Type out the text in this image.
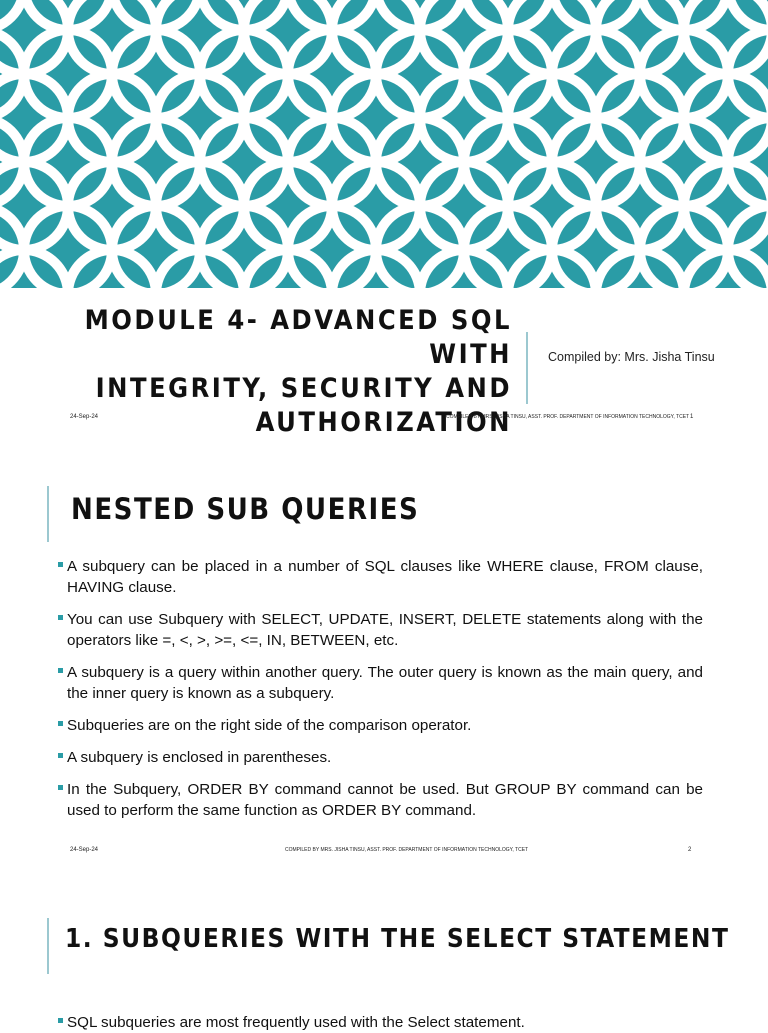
MODULE 4- ADVANCED SQL WITH
INTEGRITY, SECURITY AND
AUTHORIZATION
Compiled by: Mrs. Jisha Tinsu
24-Sep-24	COMPILED BY MRS. JISHA TINSU, ASST. PROF. DEPARTMENT OF INFORMATION TECHNOLOGY, TCET 1
NESTED SUB QUERIES
A subquery can be placed in a number of SQL clauses like WHERE clause, FROM clause, HAVING clause.
You can use Subquery with SELECT, UPDATE, INSERT, DELETE statements along with the operators like =, <, >, >=, <=, IN, BETWEEN, etc.
A subquery is a query within another query. The outer query is known as the main query, and the inner query is known as a subquery.
Subqueries are on the right side of the comparison operator.
A subquery is enclosed in parentheses.
In the Subquery, ORDER BY command cannot be used. But GROUP BY command can be used to perform the same function as ORDER BY command.
24-Sep-24	COMPILED BY MRS. JISHA TINSU, ASST. PROF. DEPARTMENT OF INFORMATION TECHNOLOGY, TCET	2
1. SUBQUERIES WITH THE SELECT STATEMENT
SQL subqueries are most frequently used with the Select statement.
